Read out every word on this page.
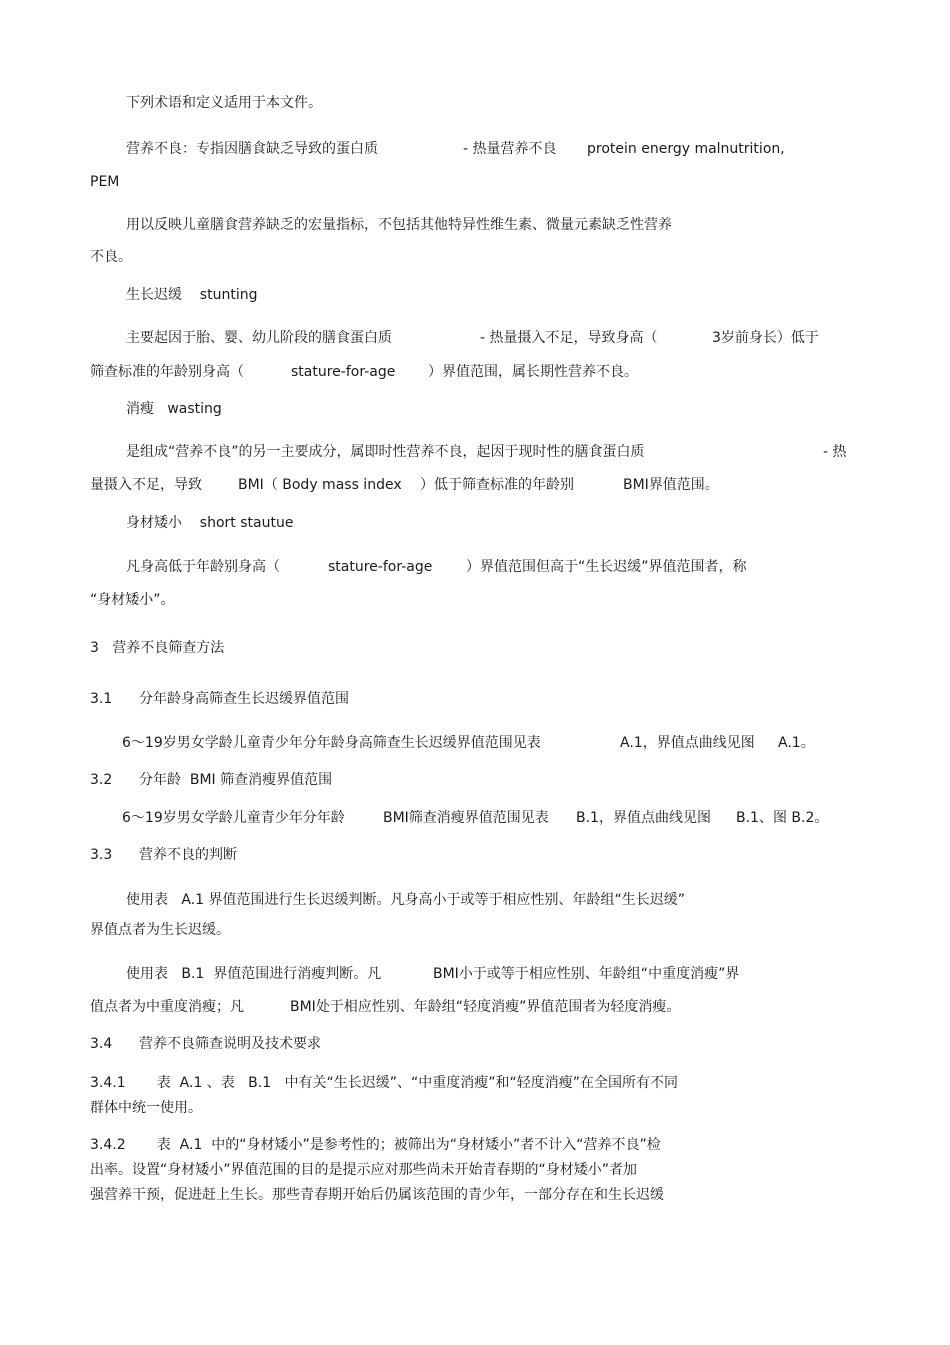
下列术语和定义适用于本文件。
营养不良：专指因膳食缺乏导致的蛋白质	- 热量营养不良 protein energy malnutrition,
PEM
用以反映儿童膳食营养缺乏的宏量指标，不包括其他特异性维生素、微量元素缺乏性营养
不良。
生长迟缓    stunting
主要起因于胎、婴、幼儿阶段的膳食蛋白质	- 热量摄入不足，导致身高（	3岁前身长）低于
筛查标准的年龄别身高（	stature-for-age ）界值范围，属长期性营养不良。
消瘦   wasting
是组成“营养不良”的另一主要成分，属即时性营养不良，起因于现时性的膳食蛋白质	- 热
量摄入不足，导致	BMI（ Body mass index ）低于筛查标准的年龄别	BMI界值范围。
身材矮小    short stautue
凡身高低于年龄别身高（	stature-for-age ）界值范围但高于“生长迟缓”界值范围者，称
“身材矮小”。
3   营养不良筛查方法
3.1      分年龄身高筛查生长迟缓界值范围
6～19岁男女学龄儿童青少年分年龄身高筛查生长迟缓界值范围见表	A.1，界值点曲线见图 A.1。
3.2      分年龄  BMI 筛查消瘦界值范围
6～19岁男女学龄儿童青少年分年龄	BMI筛查消瘦界值范围见表 B.1，界值点曲线见图 B.1、图 B.2。
3.3      营养不良的判断
使用表   A.1 界值范围进行生长迟缓判断。凡身高小于或等于相应性别、年龄组“生长迟缓”
界值点者为生长迟缓。
使用表   B.1  界值范围进行消瘦判断。凡	BMI小于或等于相应性别、年龄组“中重度消瘦”界
值点者为中重度消瘦；凡	BMI处于相应性别、年龄组“轻度消瘦”界值范围者为轻度消瘦。
3.4      营养不良筛查说明及技术要求
3.4.1       表  A.1 、表   B.1   中有关“生长迟缓”、“中重度消瘦”和“轻度消瘦”在全国所有不同
群体中统一使用。
3.4.2       表  A.1  中的“身材矮小”是参考性的；被筛出为“身材矮小”者不计入“营养不良”检
出率。设置“身材矮小”界值范围的目的是提示应对那些尚未开始青春期的“身材矮小”者加
强营养干预，促进赶上生长。那些青春期开始后仍属该范围的青少年，一部分存在和生长迟缓
